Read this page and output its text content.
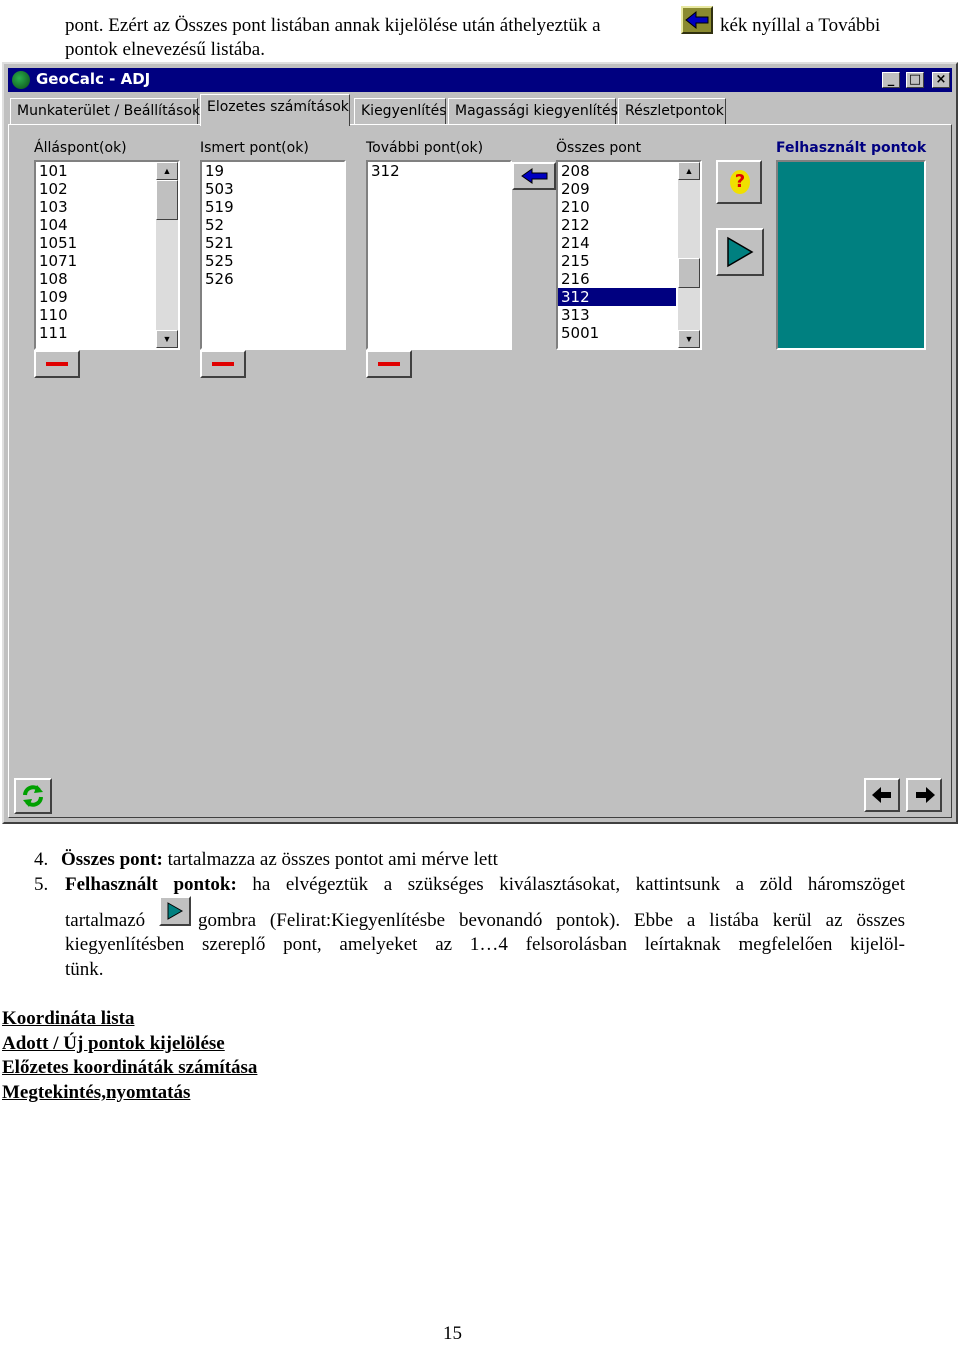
pont. Ezért az Összes pont listában annak kijelölése után áthelyeztük a	kék nyíllal a További
pontok elnevezésű listába.
GeoCalc - ADJ	_	□ ×
Munkaterület / Beállítások Elozetes számítások Kiegyenlítés Magassági kiegyenlítés Részletpontok
Álláspont(ok)
101
102
103
104
1051
1071
108
109
110
111
▲
▼
Ismert pont(ok)
19
503
519
52
521
525
526
További pont(ok)
312
Összes pont
208
209
210
212
214
215
216
312
313
5001
▲
▼
?
Felhasznált pontok
4. Összes pont: tartalmazza az összes pontot ami mérve lett
5. Felhasznált pontok: ha elvégeztük a szükséges kiválasztásokat, kattintsunk a zöld háromszöget
tartalmazó	gombra (Felirat:Kiegyenlítésbe bevonandó pontok). Ebbe a listába kerül az összes
kiegyenlítésben szereplő pont, amelyeket az 1…4 felsorolásban leírtaknak megfelelően kijelöl-
tünk.
Koordináta lista
Adott / Új pontok kijelölése
Előzetes koordináták számítása
Megtekintés,nyomtatás
15
